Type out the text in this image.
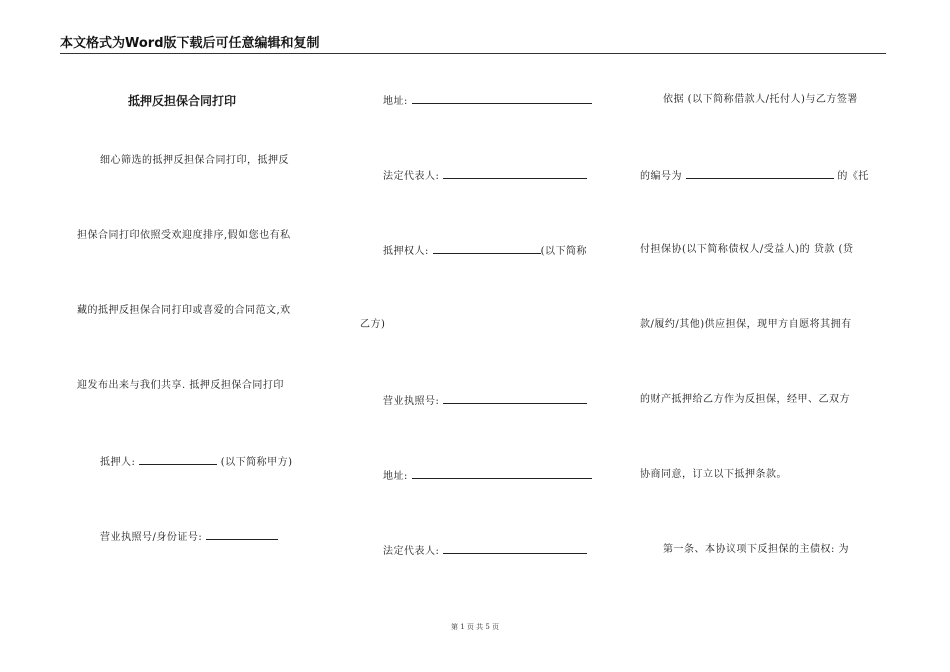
本文格式为Word版下载后可任意编辑和复制
抵押反担保合同打印
细心筛选的抵押反担保合同打印，抵押反
担保合同打印依照受欢迎度排序,假如您也有私
藏的抵押反担保合同打印或喜爱的合同范文,欢
迎发布出来与我们共享. 抵押反担保合同打印
抵押人:	(以下简称甲方)
营业执照号/身份证号:
地址:
法定代表人:
抵押权人:	(以下简称
乙方)
营业执照号:
地址:
法定代表人:
依据 (以下简称借款人/托付人)与乙方签署
的编号为	的《托
付担保协(以下简称债权人/受益人)的 贷款 (贷
款/履约/其他)供应担保，现甲方自愿将其拥有
的财产抵押给乙方作为反担保，经甲、乙双方
协商同意，订立以下抵押条款。
第一条、本协议项下反担保的主债权: 为
第 1 页 共 5 页
